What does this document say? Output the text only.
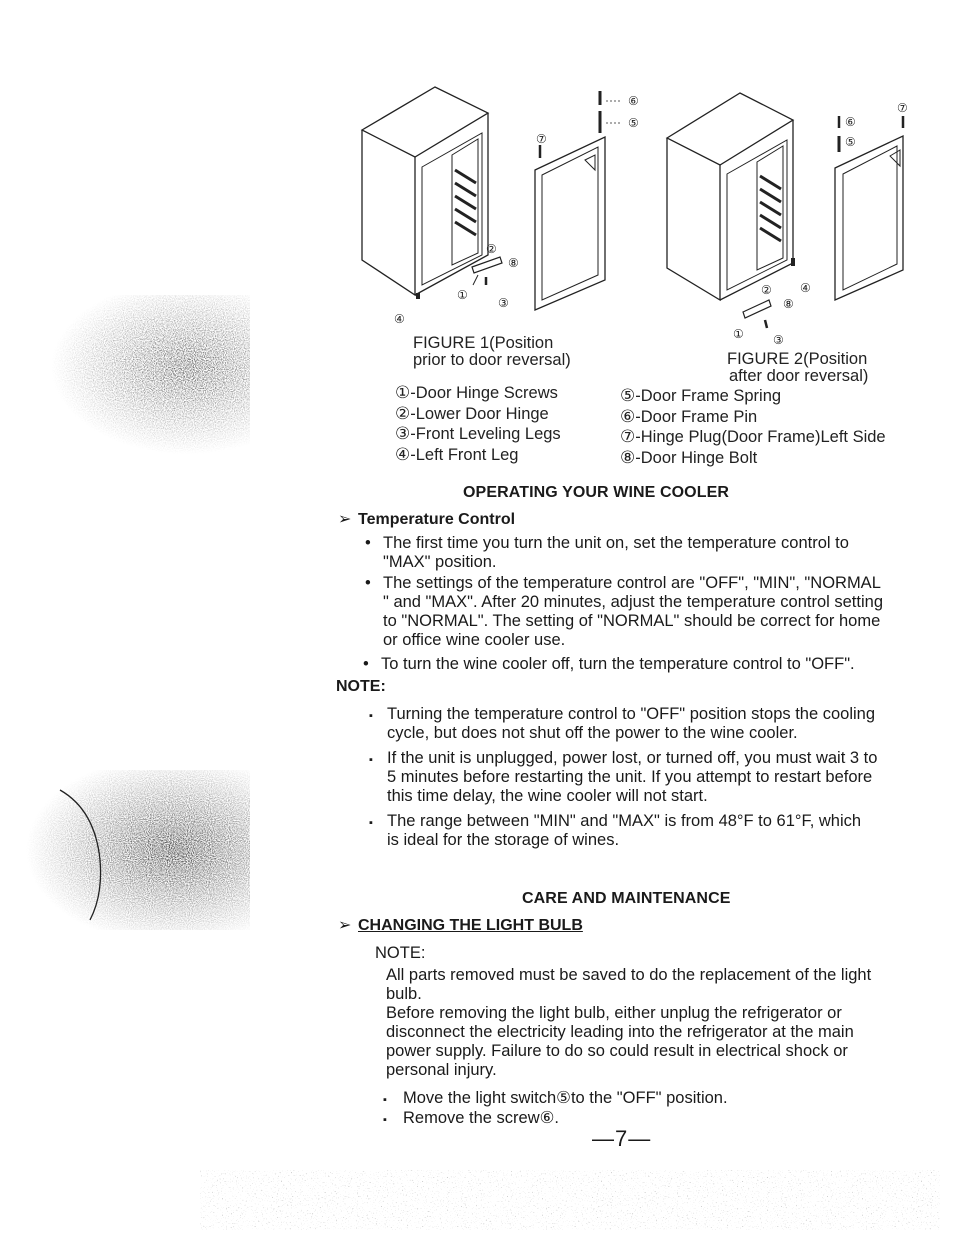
⑥
⑤
⑦
②
⑧
①
③
④
⑥
⑤
⑦
④
②
⑧
① ③
FIGURE 1(Position
prior to door reversal)	FIGURE 2(Position
after door reversal)
①-Door Hinge Screws
②-Lower Door Hinge
③-Front Leveling Legs
④-Left Front Leg
⑤-Door Frame Spring
⑥-Door Frame Pin
⑦-Hinge Plug(Door Frame)Left Side
⑧-Door Hinge Bolt
OPERATING YOUR WINE COOLER
➢ Temperature Control
• The first time you turn the unit on, set the temperature control to
"MAX" position.
• The settings of the temperature control are "OFF", "MIN", "NORMAL
" and "MAX". After 20 minutes, adjust the temperature control setting
to "NORMAL". The setting of "NORMAL" should be correct for home
or office wine cooler use.
• To turn the wine cooler off, turn the temperature control to "OFF".
NOTE:
▪ Turning the temperature control to "OFF" position stops the cooling
cycle, but does not shut off the power to the wine cooler.
▪ If the unit is unplugged, power lost, or turned off, you must wait 3 to
5 minutes before restarting the unit. If you attempt to restart before
this time delay, the wine cooler will not start.
▪ The range between "MIN" and "MAX" is from 48°F to 61°F, which
is ideal for the storage of wines.
CARE AND MAINTENANCE
➢ CHANGING THE LIGHT BULB
NOTE:
All parts removed must be saved to do the replacement of the light
bulb.
Before removing the light bulb, either unplug the refrigerator or
disconnect the electricity leading into the refrigerator at the main
power supply. Failure to do so could result in electrical shock or
personal injury.
▪ Move the light switch⑤to the "OFF" position.
▪ Remove the screw⑥.
—7—
